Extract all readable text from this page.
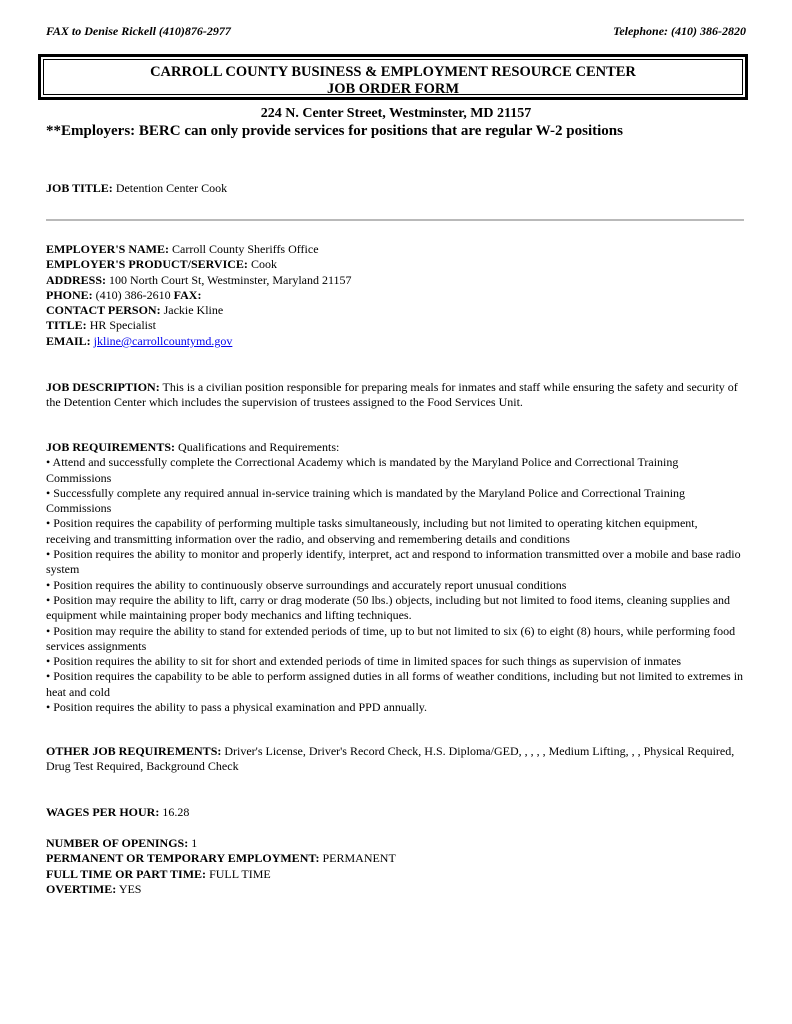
FAX to Denise Rickell (410)876-2977	Telephone: (410) 386-2820
CARROLL COUNTY BUSINESS & EMPLOYMENT RESOURCE CENTER
JOB ORDER FORM
224 N. Center Street, Westminster, MD 21157
**Employers: BERC can only provide services for positions that are regular W-2 positions
JOB TITLE: Detention Center Cook
EMPLOYER'S NAME: Carroll County Sheriffs Office
EMPLOYER'S PRODUCT/SERVICE: Cook
ADDRESS: 100 North Court St, Westminster, Maryland 21157
PHONE: (410) 386-2610 FAX:
CONTACT PERSON: Jackie Kline
TITLE: HR Specialist
EMAIL: jkline@carrollcountymd.gov
JOB DESCRIPTION: This is a civilian position responsible for preparing meals for inmates and staff while ensuring the safety and security of the Detention Center which includes the supervision of trustees assigned to the Food Services Unit.
JOB REQUIREMENTS: Qualifications and Requirements:
• Attend and successfully complete the Correctional Academy which is mandated by the Maryland Police and Correctional Training Commissions
• Successfully complete any required annual in-service training which is mandated by the Maryland Police and Correctional Training Commissions
• Position requires the capability of performing multiple tasks simultaneously, including but not limited to operating kitchen equipment, receiving and transmitting information over the radio, and observing and remembering details and conditions
• Position requires the ability to monitor and properly identify, interpret, act and respond to information transmitted over a mobile and base radio system
• Position requires the ability to continuously observe surroundings and accurately report unusual conditions
• Position may require the ability to lift, carry or drag moderate (50 lbs.) objects, including but not limited to food items, cleaning supplies and equipment while maintaining proper body mechanics and lifting techniques.
• Position may require the ability to stand for extended periods of time, up to but not limited to six (6) to eight (8) hours, while performing food services assignments
• Position requires the ability to sit for short and extended periods of time in limited spaces for such things as supervision of inmates
• Position requires the capability to be able to perform assigned duties in all forms of weather conditions, including but not limited to extremes in heat and cold
• Position requires the ability to pass a physical examination and PPD annually.
OTHER JOB REQUIREMENTS: Driver's License, Driver's Record Check, H.S. Diploma/GED, , , , , Medium Lifting, , , Physical Required, Drug Test Required, Background Check
WAGES PER HOUR: 16.28
NUMBER OF OPENINGS: 1
PERMANENT OR TEMPORARY EMPLOYMENT: PERMANENT
FULL TIME OR PART TIME: FULL TIME
OVERTIME: YES
